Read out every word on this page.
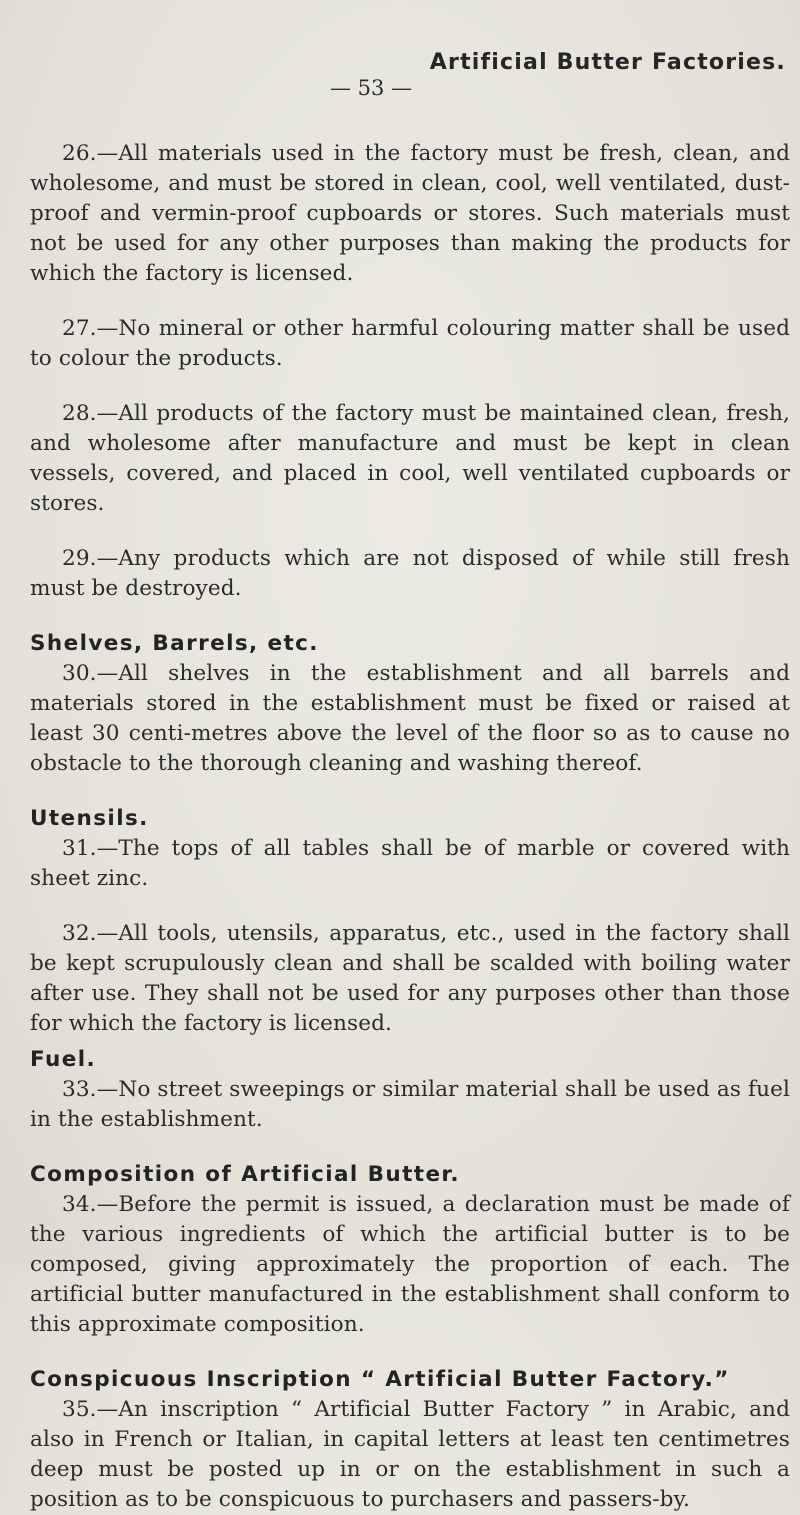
Artificial Butter Factories.
— 53 —

26.—All materials used in the factory must be fresh, clean, and wholesome, and must be stored in clean, cool, well ventilated, dust-proof and vermin-proof cupboards or stores. Such materials must not be used for any other purposes than making the products for which the factory is licensed.

27.—No mineral or other harmful colouring matter shall be used to colour the products.

28.—All products of the factory must be maintained clean, fresh, and wholesome after manufacture and must be kept in clean vessels, covered, and placed in cool, well ventilated cupboards or stores.

29.—Any products which are not disposed of while still fresh must be destroyed.

Shelves, Barrels, etc.

30.—All shelves in the establishment and all barrels and materials stored in the establishment must be fixed or raised at least 30 centi-metres above the level of the floor so as to cause no obstacle to the thorough cleaning and washing thereof.

Utensils.

31.—The tops of all tables shall be of marble or covered with sheet zinc.

32.—All tools, utensils, apparatus, etc., used in the factory shall be kept scrupulously clean and shall be scalded with boiling water after use. They shall not be used for any purposes other than those for which the factory is licensed.

Fuel.

33.—No street sweepings or similar material shall be used as fuel in the establishment.

Composition of Artificial Butter.

34.—Before the permit is issued, a declaration must be made of the various ingredients of which the artificial butter is to be composed, giving approximately the proportion of each. The artificial butter manufactured in the establishment shall conform to this approximate composition.

Conspicuous Inscription “ Artificial Butter Factory.”

35.—An inscription “ Artificial Butter Factory ” in Arabic, and also in French or Italian, in capital letters at least ten centimetres deep must be posted up in or on the establishment in such a position as to be conspicuous to purchasers and passers-by.
